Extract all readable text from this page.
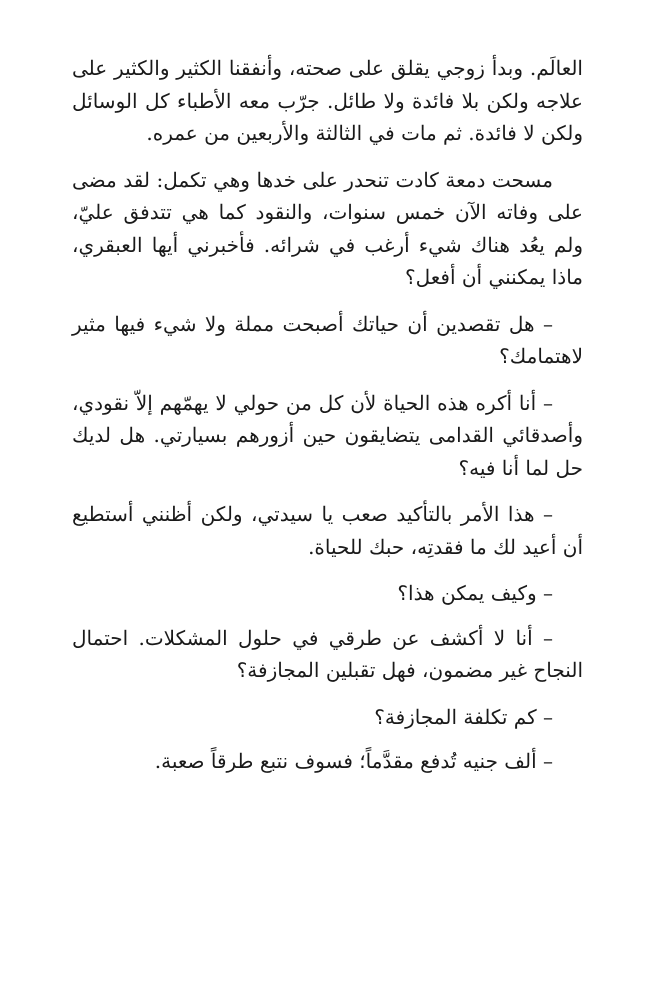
العالَم. وبدأ زوجي يقلق على صحته، وأنفقنا الكثير والكثير على علاجه ولكن بلا فائدة ولا طائل. جرّب معه الأطباء كل الوسائل ولكن لا فائدة. ثم مات في الثالثة والأربعين من عمره.

مسحت دمعة كادت تنحدر على خدها وهي تكمل: لقد مضى على وفاته الآن خمس سنوات، والنقود كما هي تتدفق عليّ، ولم يعُد هناك شيء أرغب في شرائه. فأخبرني أيها العبقري، ماذا يمكنني أن أفعل؟

– هل تقصدين أن حياتك أصبحت مملة ولا شيء فيها مثير لاهتمامك؟

– أنا أكره هذه الحياة لأن كل من حولي لا يهمّهم إلاّ نقودي، وأصدقائي القدامى يتضايقون حين أزورهم بسيارتي. هل لديك حل لما أنا فيه؟

– هذا الأمر بالتأكيد صعب يا سيدتي، ولكن أظنني أستطيع أن أعيد لك ما فقدتِه، حبك للحياة.

– وكيف يمكن هذا؟

– أنا لا أكشف عن طرقي في حلول المشكلات. احتمال النجاح غير مضمون، فهل تقبلين المجازفة؟

– كم تكلفة المجازفة؟

– ألف جنيه تُدفع مقدَّماً؛ فسوف نتبع طرقاً صعبة.
